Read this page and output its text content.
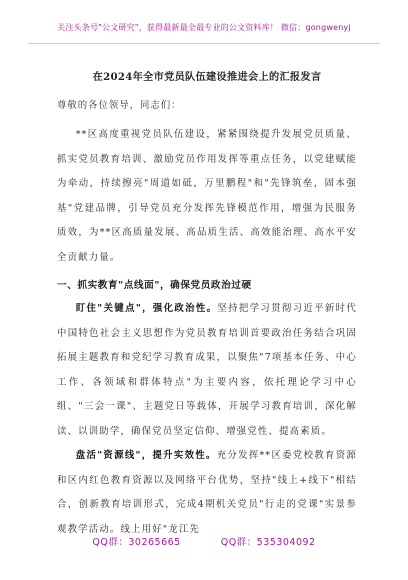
关注头条号"公文研究"，获得最新最全最专业的公文资料库！ 微信：gongwenyj
在2024年全市党员队伍建设推进会上的汇报发言
尊敬的各位领导，同志们：

**区高度重视党员队伍建设，紧紧围绕提升发展党员质量、抓实党员教育培训、激励党员作用发挥等重点任务，以党建赋能为牵动，持续擦亮"周道如砥，万里鹏程"和"先锋筑垒，固本强基"党建品牌，引导党员充分发挥先锋模范作用，增强为民服务质效，为**区高质量发展、高品质生活、高效能治理、高水平安全贡献力量。

一、抓实教育"点线面"，确保党员政治过硬

盯住"关键点"，强化政治性。坚持把学习贯彻习近平新时代中国特色社会主义思想作为党员教育培训首要政治任务结合巩固拓展主题教育和党纪学习教育成果，以聚焦"7项基本任务、中心工作、各领域和群体特点"为主要内容，依托理论学习中心组、"三会一课"、主题党日等载体，开展学习教育培训，深化解读、以训助学，确保党员坚定信仰、增强党性、提高素质。

盘活"资源线"，提升实效性。充分发挥**区委党校教育资源和区内红色教育资源以及网络平台优势，坚持"线上+线下"相结合，创新教育培训形式，完成4期机关党员"行走的党课"实景参观教学活动。线上用好"龙江先

QQ群：30265665	QQ群：535304092
